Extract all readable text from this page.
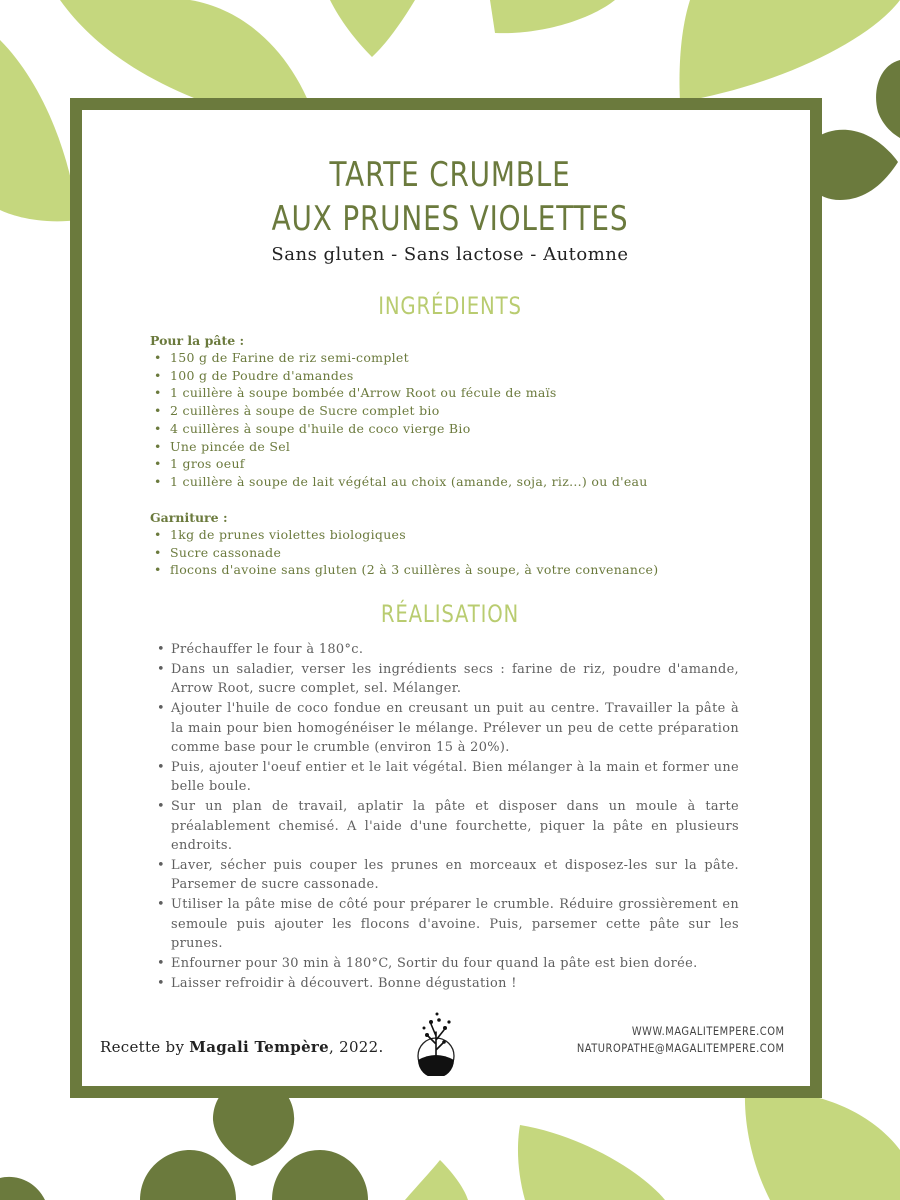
TARTE CRUMBLE
AUX PRUNES VIOLETTES
Sans gluten - Sans lactose - Automne
INGRÉDIENTS
Pour la pâte :
• 150 g de Farine de riz semi-complet
• 100 g de Poudre d'amandes
• 1 cuillère à soupe bombée d'Arrow Root ou fécule de maïs
• 2 cuillères à soupe de Sucre complet bio
• 4 cuillères à soupe d'huile de coco vierge Bio
• Une pincée de Sel
• 1 gros oeuf
• 1 cuillère à soupe de lait végétal au choix (amande, soja, riz...) ou d'eau
Garniture :
• 1kg de prunes violettes biologiques
• Sucre cassonade
• flocons d'avoine sans gluten (2 à 3 cuillères à soupe, à votre convenance)
RÉALISATION
• Préchauffer le four à 180°c.
• Dans un saladier, verser les ingrédients secs : farine de riz, poudre d'amande, Arrow Root, sucre complet, sel. Mélanger.
• Ajouter l'huile de coco fondue en creusant un puit au centre. Travailler la pâte à la main pour bien homogénéiser le mélange. Prélever un peu de cette préparation comme base pour le crumble (environ 15 à 20%).
• Puis, ajouter l'oeuf entier et le lait végétal. Bien mélanger à la main et former une belle boule.
• Sur un plan de travail, aplatir la pâte et disposer dans un moule à tarte préalablement chemisé. A l'aide d'une fourchette, piquer la pâte en plusieurs endroits.
• Laver, sécher puis couper les prunes en morceaux et disposez-les sur la pâte. Parsemer de sucre cassonade.
• Utiliser la pâte mise de côté pour préparer le crumble. Réduire grossièrement en semoule puis ajouter les flocons d'avoine. Puis, parsemer cette pâte sur les prunes.
• Enfourner pour 30 min à 180°C, Sortir du four quand la pâte est bien dorée.
• Laisser refroidir à découvert. Bonne dégustation !
Recette by Magali Tempère, 2022.
WWW.MAGALITEMPERE.COM
NATUROPATHE@MAGALITEMPERE.COM
